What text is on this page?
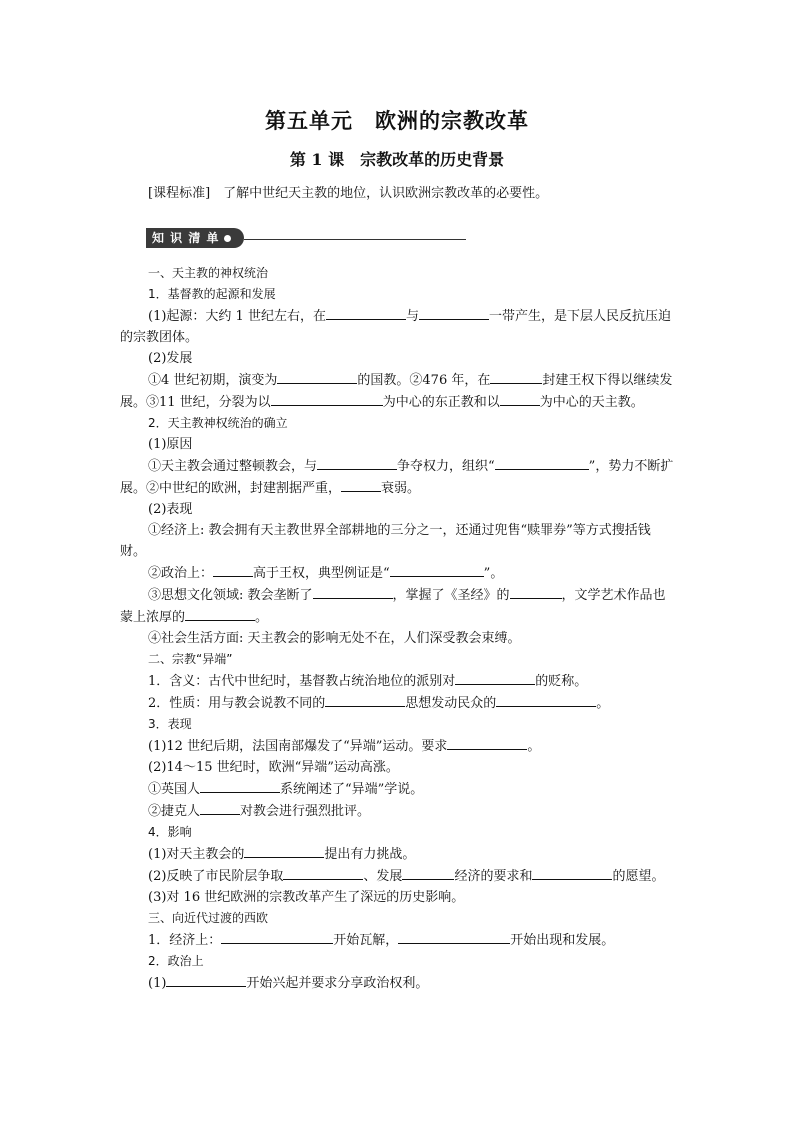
第五单元　欧洲的宗教改革
第 1 课　宗教改革的历史背景
[课程标准]　了解中世纪天主教的地位，认识欧洲宗教改革的必要性。
知 识 清 单

一、天主教的神权统治

1．基督教的起源和发展

(1)起源：大约 1 世纪左右，在	与	一带产生，是下层人民反抗压迫的宗教团体。

(2)发展

①4 世纪初期，演变为	的国教。②476 年，在	封建王权下得以继续发展。③11 世纪，分裂为以	为中心的东正教和以	为中心的天主教。

2．天主教神权统治的确立

(1)原因

①天主教会通过整顿教会，与	争夺权力，组织“	”，势力不断扩展。②中世纪的欧洲，封建割据严重，	衰弱。

(2)表现

①经济上: 教会拥有天主教世界全部耕地的三分之一，还通过兜售“赎罪券”等方式搜括钱财。

②政治上：	高于王权，典型例证是“	”。

③思想文化领域: 教会垄断了	，掌握了《圣经》的	，文学艺术作品也蒙上浓厚的	。

④社会生活方面: 天主教会的影响无处不在，人们深受教会束缚。

二、宗教“异端”

1．含义：古代中世纪时，基督教占统治地位的派别对	的贬称。

2．性质：用与教会说教不同的	思想发动民众的	。

3．表现

(1)12 世纪后期，法国南部爆发了“异端”运动。要求	。

(2)14～15 世纪时，欧洲“异端”运动高涨。

①英国人	系统阐述了“异端”学说。

②捷克人	对教会进行强烈批评。

4．影响

(1)对天主教会的	提出有力挑战。

(2)反映了市民阶层争取	、发展	经济的要求和	的愿望。

(3)对 16 世纪欧洲的宗教改革产生了深远的历史影响。

三、向近代过渡的西欧

1．经济上：	开始瓦解，	开始出现和发展。

2．政治上

(1)	开始兴起并要求分享政治权利。
